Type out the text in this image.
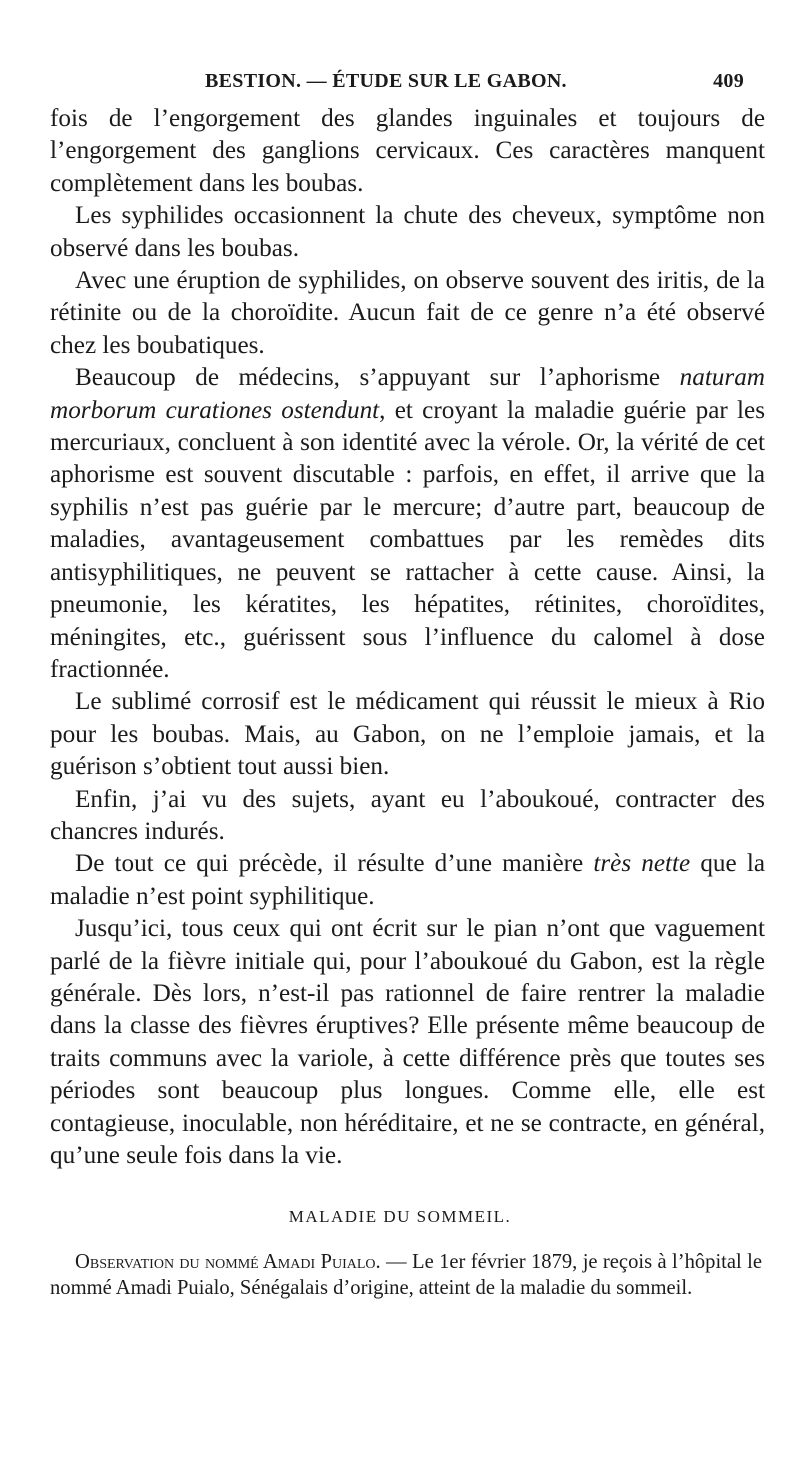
BESTION. — ÉTUDE SUR LE GABON.	409

fois de l’engorgement des glandes inguinales et toujours de l’engorgement des ganglions cervicaux. Ces caractères manquent complètement dans les boubas.

Les syphilides occasionnent la chute des cheveux, symptôme non observé dans les boubas.

Avec une éruption de syphilides, on observe souvent des iritis, de la rétinite ou de la choroïdite. Aucun fait de ce genre n’a été observé chez les boubatiques.

Beaucoup de médecins, s’appuyant sur l’aphorisme naturam morborum curationes ostendunt, et croyant la maladie guérie par les mercuriaux, concluent à son identité avec la vérole. Or, la vérité de cet aphorisme est souvent discutable : parfois, en effet, il arrive que la syphilis n’est pas guérie par le mercure; d’autre part, beaucoup de maladies, avantageusement combattues par les remèdes dits antisyphilitiques, ne peuvent se rattacher à cette cause. Ainsi, la pneumonie, les kératites, les hépatites, rétinites, choroïdites, méningites, etc., guérissent sous l’influence du calomel à dose fractionnée.

Le sublimé corrosif est le médicament qui réussit le mieux à Rio pour les boubas. Mais, au Gabon, on ne l’emploie jamais, et la guérison s’obtient tout aussi bien.

Enfin, j’ai vu des sujets, ayant eu l’aboukoué, contracter des chancres indurés.

De tout ce qui précède, il résulte d’une manière très nette que la maladie n’est point syphilitique.

Jusqu’ici, tous ceux qui ont écrit sur le pian n’ont que vaguement parlé de la fièvre initiale qui, pour l’aboukoué du Gabon, est la règle générale. Dès lors, n’est-il pas rationnel de faire rentrer la maladie dans la classe des fièvres éruptives? Elle présente même beaucoup de traits communs avec la variole, à cette différence près que toutes ses périodes sont beaucoup plus longues. Comme elle, elle est contagieuse, inoculable, non héréditaire, et ne se contracte, en général, qu’une seule fois dans la vie.

MALADIE DU SOMMEIL.

Observation du nommé Amadi Puialo. — Le 1er février 1879, je reçois à l’hôpital le nommé Amadi Puialo, Sénégalais d’origine, atteint de la maladie du sommeil.
